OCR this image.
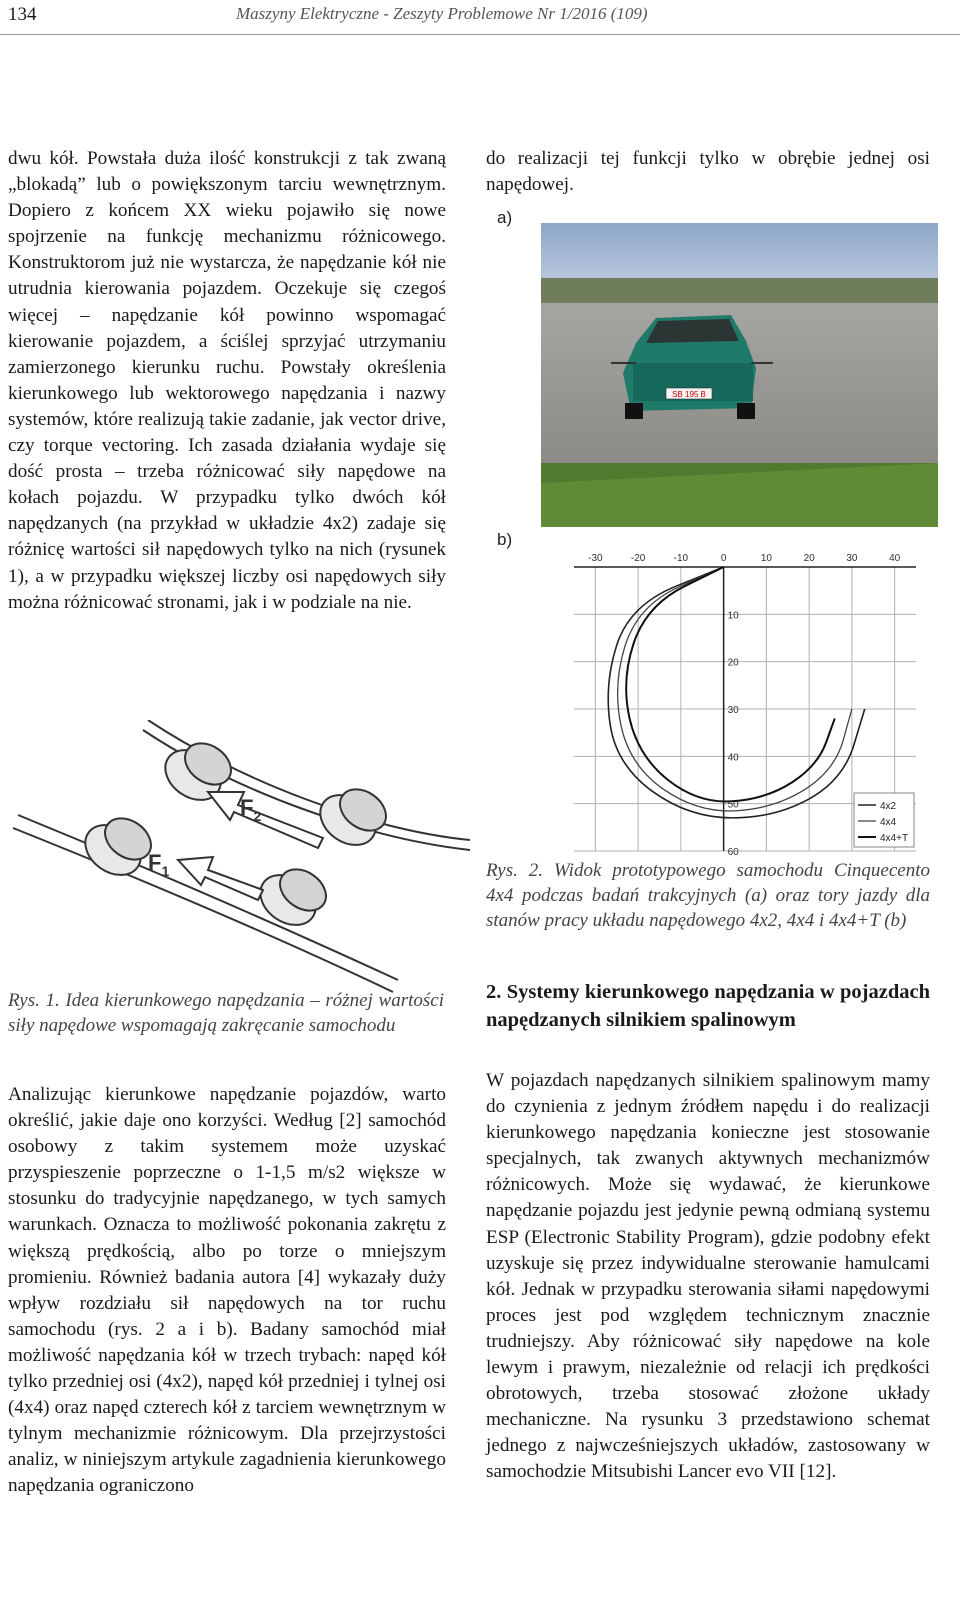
134	Maszyny Elektryczne - Zeszyty Problemowe Nr 1/2016 (109)

dwu kół. Powstała duża ilość konstrukcji z tak zwaną „blokadą” lub o powiększonym tarciu wewnętrznym. Dopiero z końcem XX wieku pojawiło się nowe spojrzenie na funkcję mechanizmu różnicowego. Konstruktorom już nie wystarcza, że napędzanie kół nie utrudnia kierowania pojazdem. Oczekuje się czegoś więcej – napędzanie kół powinno wspomagać kierowanie pojazdem, a ściślej sprzyjać utrzymaniu zamierzonego kierunku ruchu. Powstały określenia kierunkowego lub wektorowego napędzania i nazwy systemów, które realizują takie zadanie, jak vector drive, czy torque vectoring. Ich zasada działania wydaje się dość prosta – trzeba różnicować siły napędowe na kołach pojazdu. W przypadku tylko dwóch kół napędzanych (na przykład w układzie 4x2) zadaje się różnicę wartości sił napędowych tylko na nich (rysunek 1), a w przypadku większej liczby osi napędowych siły można różnicować stronami, jak i w podziale na nie.

$F_2$
$F_1$

Rys. 1. Idea kierunkowego napędzania – różnej wartości siły napędowe wspomagają zakręcanie samochodu

Analizując kierunkowe napędzanie pojazdów, warto określić, jakie daje ono korzyści. Według [2] samochód osobowy z takim systemem może uzyskać przyspieszenie poprzeczne o 1-1,5 m/s2 większe w stosunku do tradycyjnie napędzanego, w tych samych warunkach. Oznacza to możliwość pokonania zakrętu z większą prędkością, albo po torze o mniejszym promieniu. Również badania autora [4] wykazały duży wpływ rozdziału sił napędowych na tor ruchu samochodu (rys. 2 a i b). Badany samochód miał możliwość napędzania kół w trzech trybach: napęd kół tylko przedniej osi (4x2), napęd kół przedniej i tylnej osi (4x4) oraz napęd czterech kół z tarciem wewnętrznym w tylnym mechanizmie różnicowym. Dla przejrzystości analiz, w niniejszym artykule zagadnienia kierunkowego napędzania ograniczono

do realizacji tej funkcji tylko w obrębie jednej osi napędowej.

a)
SB 195 B
b)
-30	-20	-10	0	10	20	30	40
10
20
30
40
50
60
4x2
4x4
4x4+T

Rys. 2. Widok prototypowego samochodu Cinquecento 4x4 podczas badań trakcyjnych (a) oraz tory jazdy dla stanów pracy układu napędowego 4x2, 4x4 i 4x4+T (b)

2. Systemy kierunkowego napędzania w pojazdach napędzanych silnikiem spalinowym

W pojazdach napędzanych silnikiem spalinowym mamy do czynienia z jednym źródłem napędu i do realizacji kierunkowego napędzania konieczne jest stosowanie specjalnych, tak zwanych aktywnych mechanizmów różnicowych. Może się wydawać, że kierunkowe napędzanie pojazdu jest jedynie pewną odmianą systemu ESP (Electronic Stability Program), gdzie podobny efekt uzyskuje się przez indywidualne sterowanie hamulcami kół. Jednak w przypadku sterowania siłami napędowymi proces jest pod względem technicznym znacznie trudniejszy. Aby różnicować siły napędowe na kole lewym i prawym, niezależnie od relacji ich prędkości obrotowych, trzeba stosować złożone układy mechaniczne. Na rysunku 3 przedstawiono schemat jednego z najwcześniejszych układów, zastosowany w samochodzie Mitsubishi Lancer evo VII [12].
